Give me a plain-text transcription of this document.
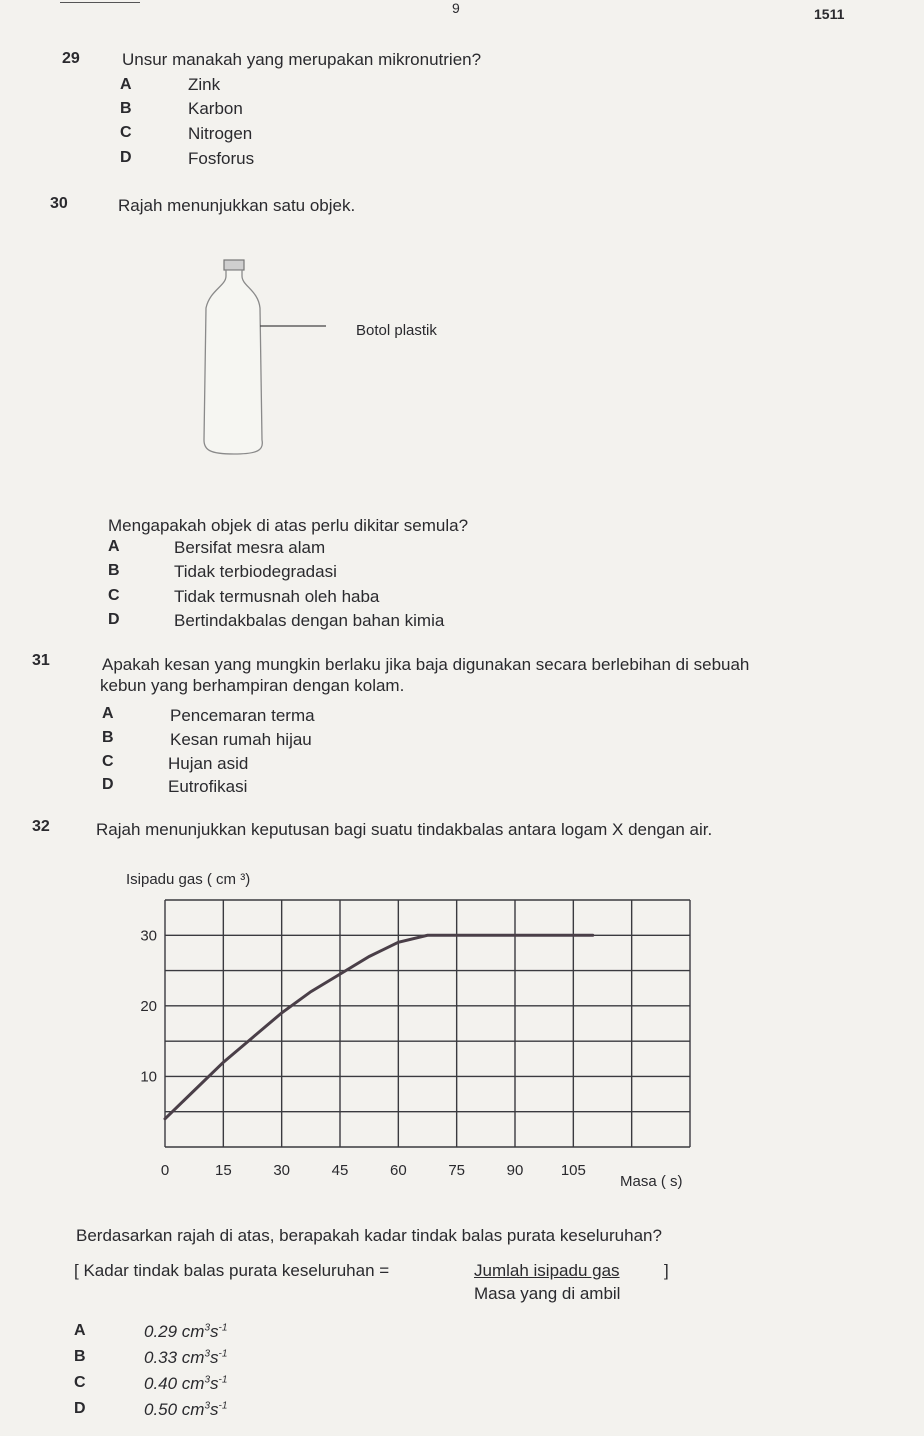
9	1511
29 Unsur manakah yang merupakan mikronutrien?
A	Zink
B	Karbon
C	Nitrogen
D	Fosforus
30	Rajah menunjukkan satu objek.
Botol plastik
Mengapakah objek di atas perlu dikitar semula?
A	Bersifat mesra alam
B	Tidak terbiodegradasi
C	Tidak termusnah oleh haba
D	Bertindakbalas dengan bahan kimia
31	Apakah kesan yang mungkin berlaku jika baja digunakan secara berlebihan di sebuah
kebun yang berhampiran dengan kolam.
A	Pencemaran terma
B	Kesan rumah hijau
C	Hujan asid
D	Eutrofikasi
32	Rajah menunjukkan keputusan bagi suatu tindakbalas antara logam X dengan air.
Isipadu gas ( cm ³)
0	15	30	45	60	75	90 105
10
20
30
Masa ( s)
Berdasarkan rajah di atas, berapakah kadar tindak balas purata keseluruhan?
[ Kadar tindak balas purata keseluruhan =	Jumlah isipadu gas	]
Masa yang di ambil
A	0.29 $cm^3s^{-1}$
B	0.33 $cm^3s^{-1}$
C	0.40 $cm^3s^{-1}$
D	0.50 $cm^3s^{-1}$
